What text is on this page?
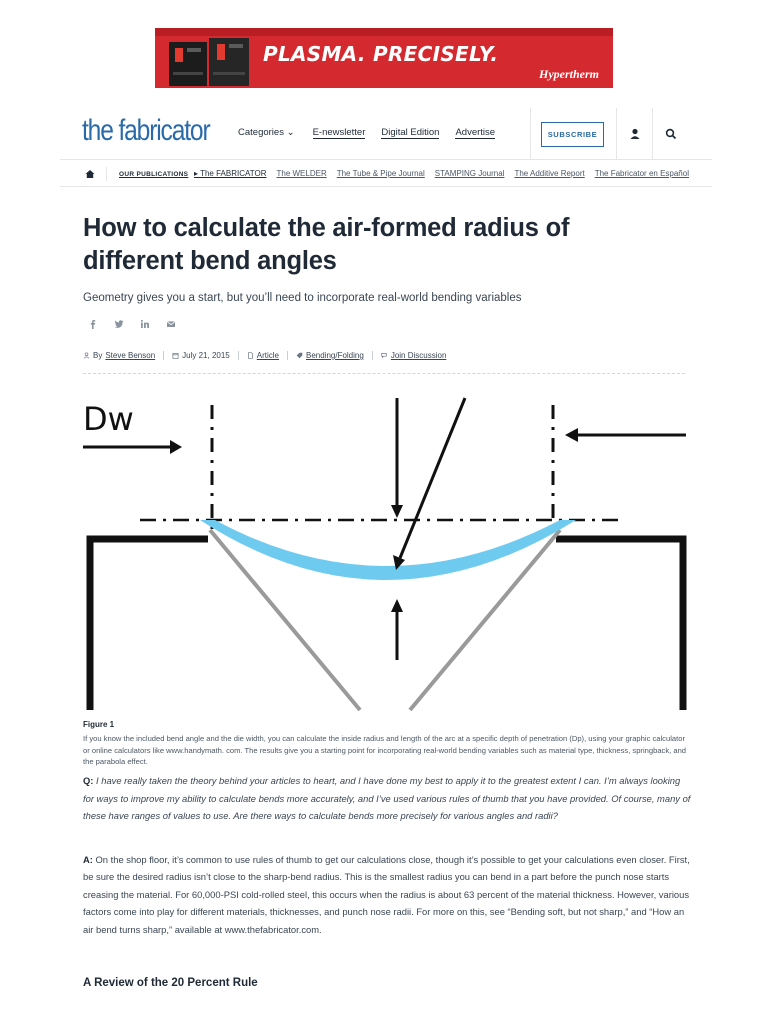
PLASMA. PRECISELY.
Hypertherm
the fabricator	Categories ⌄ E-newsletter Digital Edition Advertise	SUBSCRIBE
OUR PUBLICATIONS ▸ The FABRICATOR The WELDER The Tube & Pipe Journal STAMPING Journal The Additive Report The Fabricator en Español
How to calculate the air-formed radius of different bend angles
Geometry gives you a start, but you’ll need to incorporate real-world bending variables
By Steve Benson	July 21, 2015	Article	Bending/Folding	Join Discussion
Dw
Figure 1
If you know the included bend angle and the die width, you can calculate the inside radius and length of the arc at a specific depth of penetration (Dp), using your graphic calculator or online calculators like www.handymath. com. The results give you a starting point for incorporating real-world bending variables such as material type, thickness, springback, and the parabola effect.
Q: I have really taken the theory behind your articles to heart, and I have done my best to apply it to the greatest extent I can. I’m always looking for ways to improve my ability to calculate bends more accurately, and I’ve used various rules of thumb that you have provided. Of course, many of these have ranges of values to use. Are there ways to calculate bends more precisely for various angles and radii?
A: On the shop floor, it’s common to use rules of thumb to get our calculations close, though it’s possible to get your calculations even closer. First, be sure the desired radius isn’t close to the sharp-bend radius. This is the smallest radius you can bend in a part before the punch nose starts creasing the material. For 60,000-PSI cold-rolled steel, this occurs when the radius is about 63 percent of the material thickness. However, various factors come into play for different materials, thicknesses, and punch nose radii. For more on this, see “Bending soft, but not sharp,” and “How an air bend turns sharp,” available at www.thefabricator.com.
A Review of the 20 Percent Rule
